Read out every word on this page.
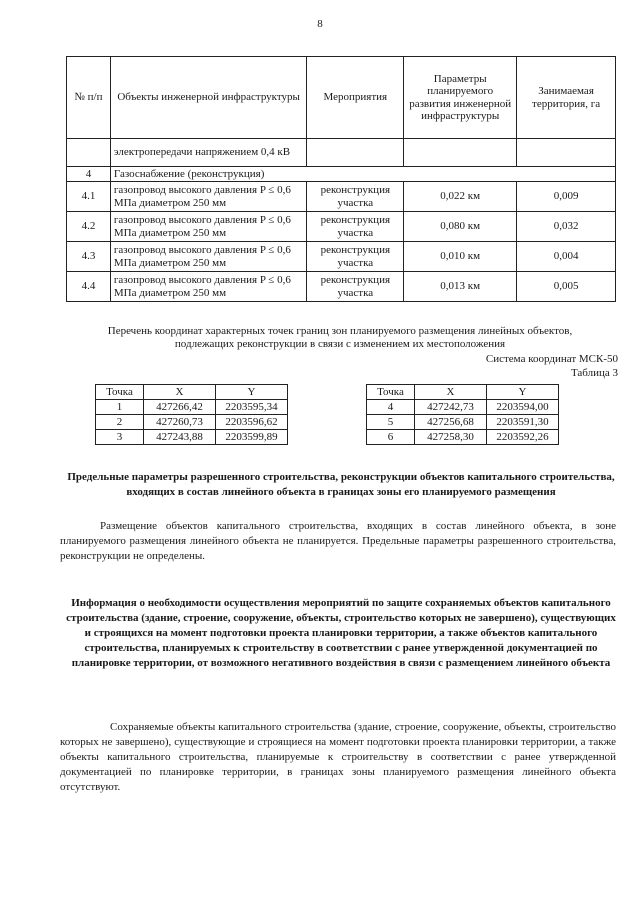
8
№ п/п	Объекты инженерной инфраструктуры	Мероприятия	Параметры планируемого развития инженерной инфраструктуры	Занимаемая территория, га
	электропередачи напряжением 0,4 кВ			
4	Газоснабжение (реконструкция)			
4.1	газопровод высокого давления P ≤ 0,6 МПа диаметром 250 мм	реконструкция участка	0,022 км	0,009
4.2	газопровод высокого давления P ≤ 0,6 МПа диаметром 250 мм	реконструкция участка	0,080 км	0,032
4.3	газопровод высокого давления P ≤ 0,6 МПа диаметром 250 мм	реконструкция участка	0,010 км	0,004
4.4	газопровод высокого давления P ≤ 0,6 МПа диаметром 250 мм	реконструкция участка	0,013 км	0,005
Перечень координат характерных точек границ зон планируемого размещения линейных объектов, подлежащих реконструкции в связи с изменением их местоположения
Система координат МСК-50
Таблица 3
Точка	X	Y
1	427266,42	2203595,34
2	427260,73	2203596,62
3	427243,88	2203599,89
Точка	X	Y
4	427242,73	2203594,00
5	427256,68	2203591,30
6	427258,30	2203592,26
Предельные параметры разрешенного строительства, реконструкции объектов капитального строительства, входящих в состав линейного объекта в границах зоны его планируемого размещения
Размещение объектов капитального строительства, входящих в состав линейного объекта, в зоне планируемого размещения линейного объекта не планируется. Предельные параметры разрешенного строительства, реконструкции не определены.
Информация о необходимости осуществления мероприятий по защите сохраняемых объектов капитального строительства (здание, строение, сооружение, объекты, строительство которых не завершено), существующих и строящихся на момент подготовки проекта планировки территории, а также объектов капитального строительства, планируемых к строительству в соответствии с ранее утвержденной документацией по планировке территории, от возможного негативного воздействия в связи с размещением линейного объекта
Сохраняемые объекты капитального строительства (здание, строение, сооружение, объекты, строительство которых не завершено), существующие и строящиеся на момент подготовки проекта планировки территории, а также объекты капитального строительства, планируемые к строительству в соответствии с ранее утвержденной документацией по планировке территории, в границах зоны планируемого размещения линейного объекта отсутствуют.
